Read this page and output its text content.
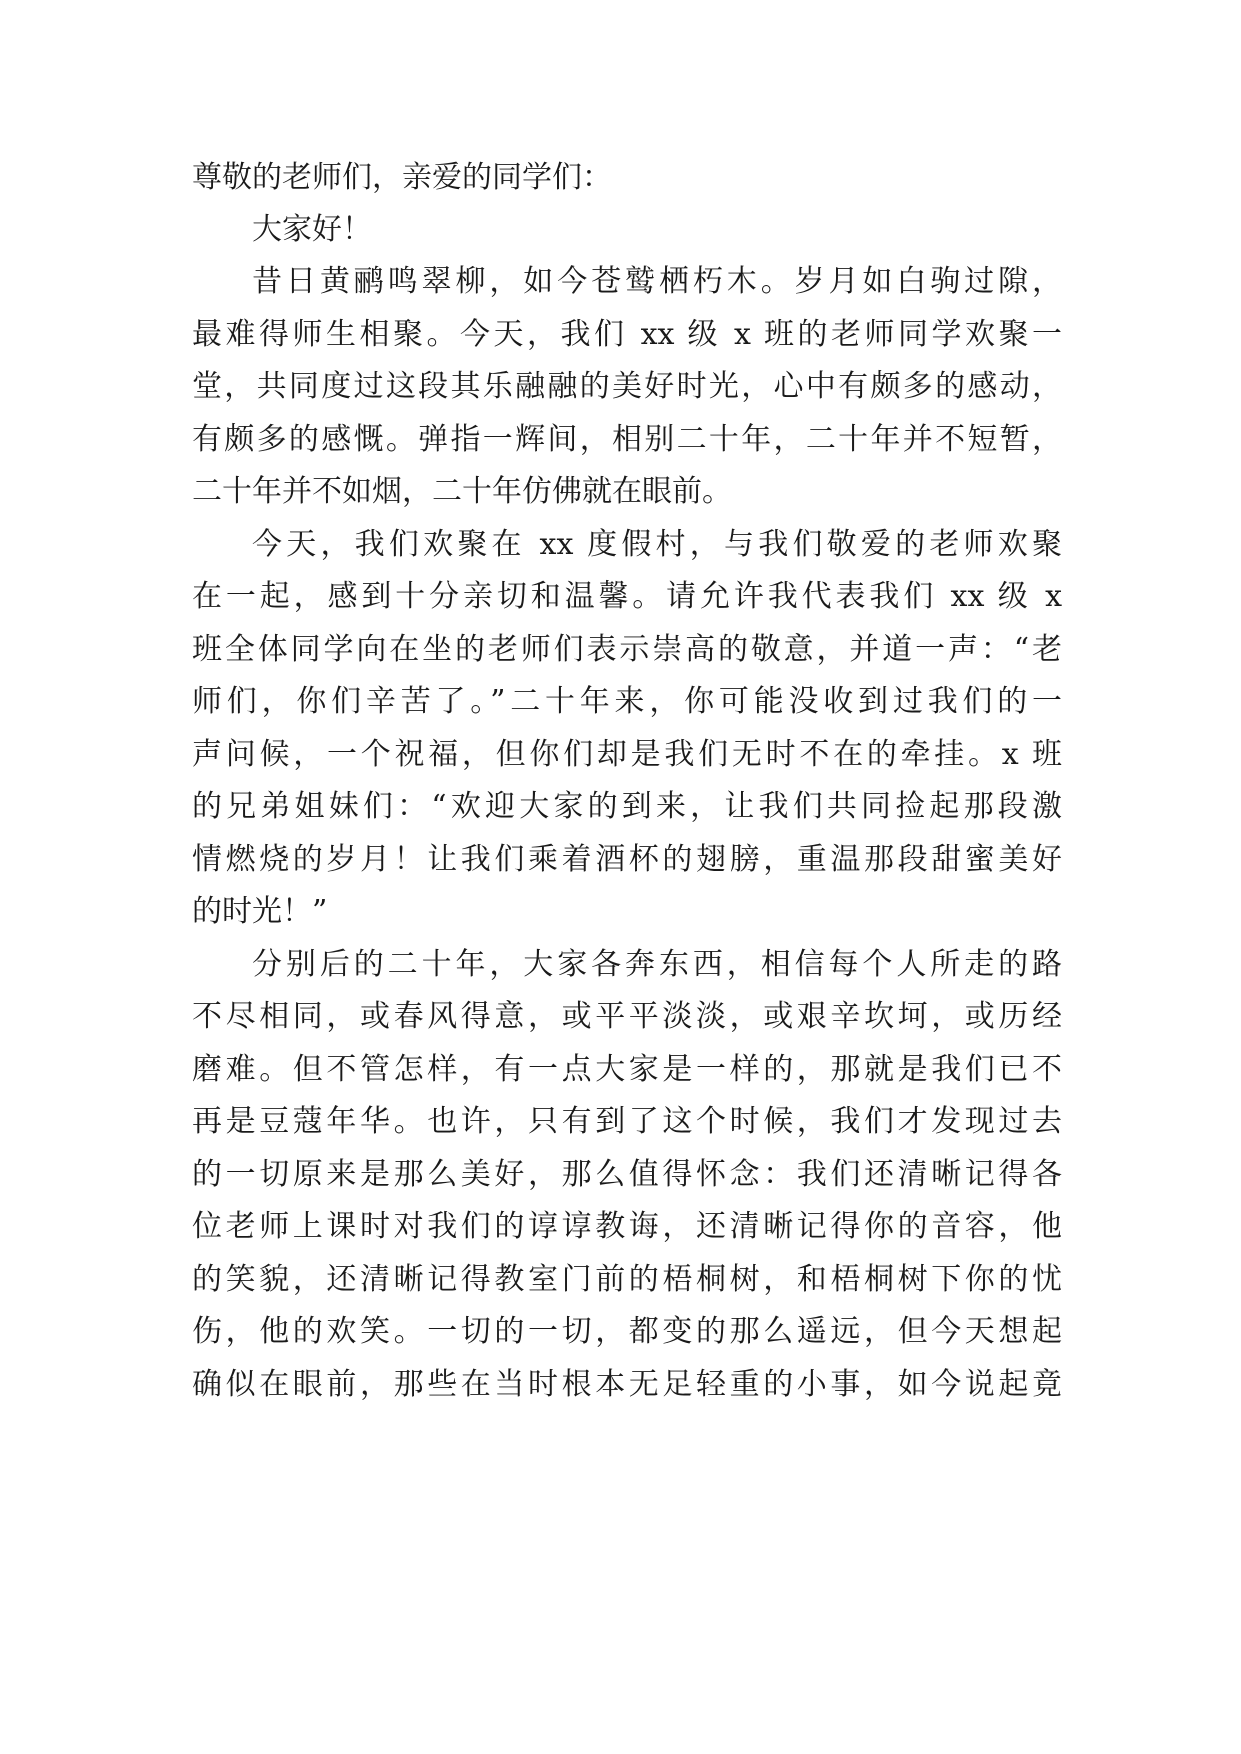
尊敬的老师们，亲爱的同学们：
大家好！
昔日黄鹂鸣翠柳，如今苍鹫栖朽木。岁月如白驹过隙，
最难得师生相聚。今天，我们 xx 级 x 班的老师同学欢聚一
堂，共同度过这段其乐融融的美好时光，心中有颇多的感动，
有颇多的感慨。弹指一辉间，相别二十年，二十年并不短暂，
二十年并不如烟，二十年仿佛就在眼前。
今天，我们欢聚在 xx 度假村，与我们敬爱的老师欢聚
在一起，感到十分亲切和温馨。请允许我代表我们 xx 级 x
班全体同学向在坐的老师们表示崇高的敬意，并道一声：“老
师们，你们辛苦了。”二十年来，你可能没收到过我们的一
声问候，一个祝福，但你们却是我们无时不在的牵挂。x 班
的兄弟姐妹们：“欢迎大家的到来，让我们共同捡起那段激
情燃烧的岁月！让我们乘着酒杯的翅膀，重温那段甜蜜美好
的时光！”
分别后的二十年，大家各奔东西，相信每个人所走的路
不尽相同，或春风得意，或平平淡淡，或艰辛坎坷，或历经
磨难。但不管怎样，有一点大家是一样的，那就是我们已不
再是豆蔻年华。也许，只有到了这个时候，我们才发现过去
的一切原来是那么美好，那么值得怀念：我们还清晰记得各
位老师上课时对我们的谆谆教诲，还清晰记得你的音容，他
的笑貌，还清晰记得教室门前的梧桐树，和梧桐树下你的忧
伤，他的欢笑。一切的一切，都变的那么遥远，但今天想起
确似在眼前，那些在当时根本无足轻重的小事，如今说起竟
